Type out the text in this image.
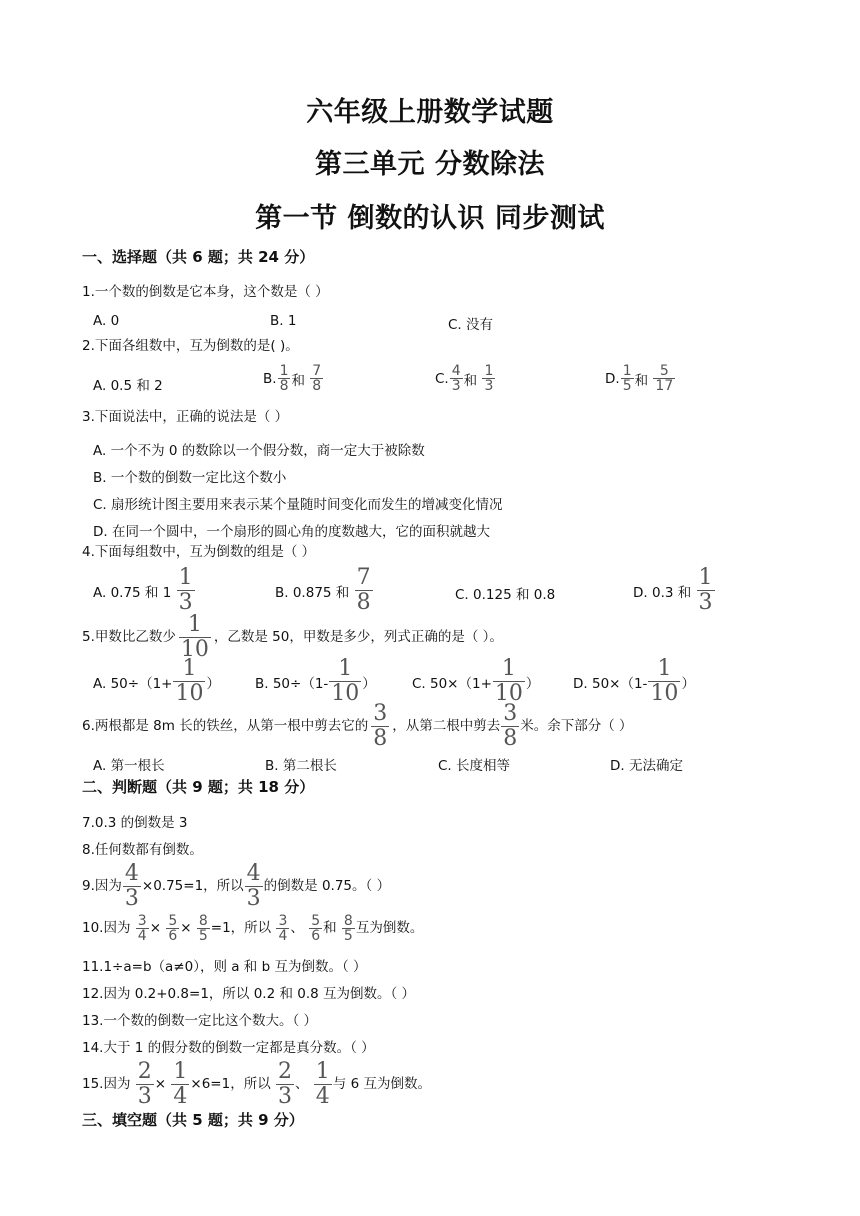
六年级上册数学试题
第三单元 分数除法
第一节 倒数的认识 同步测试
一、选择题（共 6 题；共 24 分）
1.一个数的倒数是它本身，这个数是（ ）
A. 0	B. 1	C. 没有
2.下面各组数中，互为倒数的是( )。
A. 0.5 和 2	B. 1
8 和

7
8	C. 4
3 和

1
3	D. 1
5 和

5
17
3.下面说法中，正确的说法是（ ）
A. 一个不为 0 的数除以一个假分数，商一定大于被除数
B. 一个数的倒数一定比这个数小
C. 扇形统计图主要用来表示某个量随时间变化而发生的增减变化情况
D. 在同一个圆中，一个扇形的圆心角的度数越大，它的面积就越大
4.下面每组数中，互为倒数的组是（ ）
A. 0.75 和 1

1
3	B. 0.875 和

7
8	C. 0.125 和 0.8	D. 0.3 和

1
3
5.甲数比乙数少 1
10
，乙数是 50，甲数是多少，列式正确的是（ ）。
A. 50÷（1+
1
10 ）	B. 50÷（1-
1
10 ）	C. 50×（1+
1
10 ） D. 50×（1-
1
10 ）
6.两根都是 8m 长的铁丝，从第一根中剪去它的 3
8
，从第二根中剪去 3
8
米。余下部分（ ）
A. 第一根长	B. 第二根长	C. 长度相等	D. 无法确定
二、判断题（共 9 题；共 18 分）
7.0.3 的倒数是 3
8.任何数都有倒数。
9.因为 4
3
×0.75=1，所以 4
3
的倒数是 0.75。（ ）
10.因为
3
4
×
5
6
×
8
5
=1，所以
3
4
、
5
6
和
8
5
互为倒数。
11.1÷a=b（a≠0），则 a 和 b 互为倒数。（ ）
12.因为 0.2+0.8=1，所以 0.2 和 0.8 互为倒数。（ ）
13.一个数的倒数一定比这个数大。（ ）
14.大于 1 的假分数的倒数一定都是真分数。（ ）
15.因为
2
3
×
1
4
×6=1，所以
2
3
、
1
4
与 6 互为倒数。
三、填空题（共 5 题；共 9 分）
